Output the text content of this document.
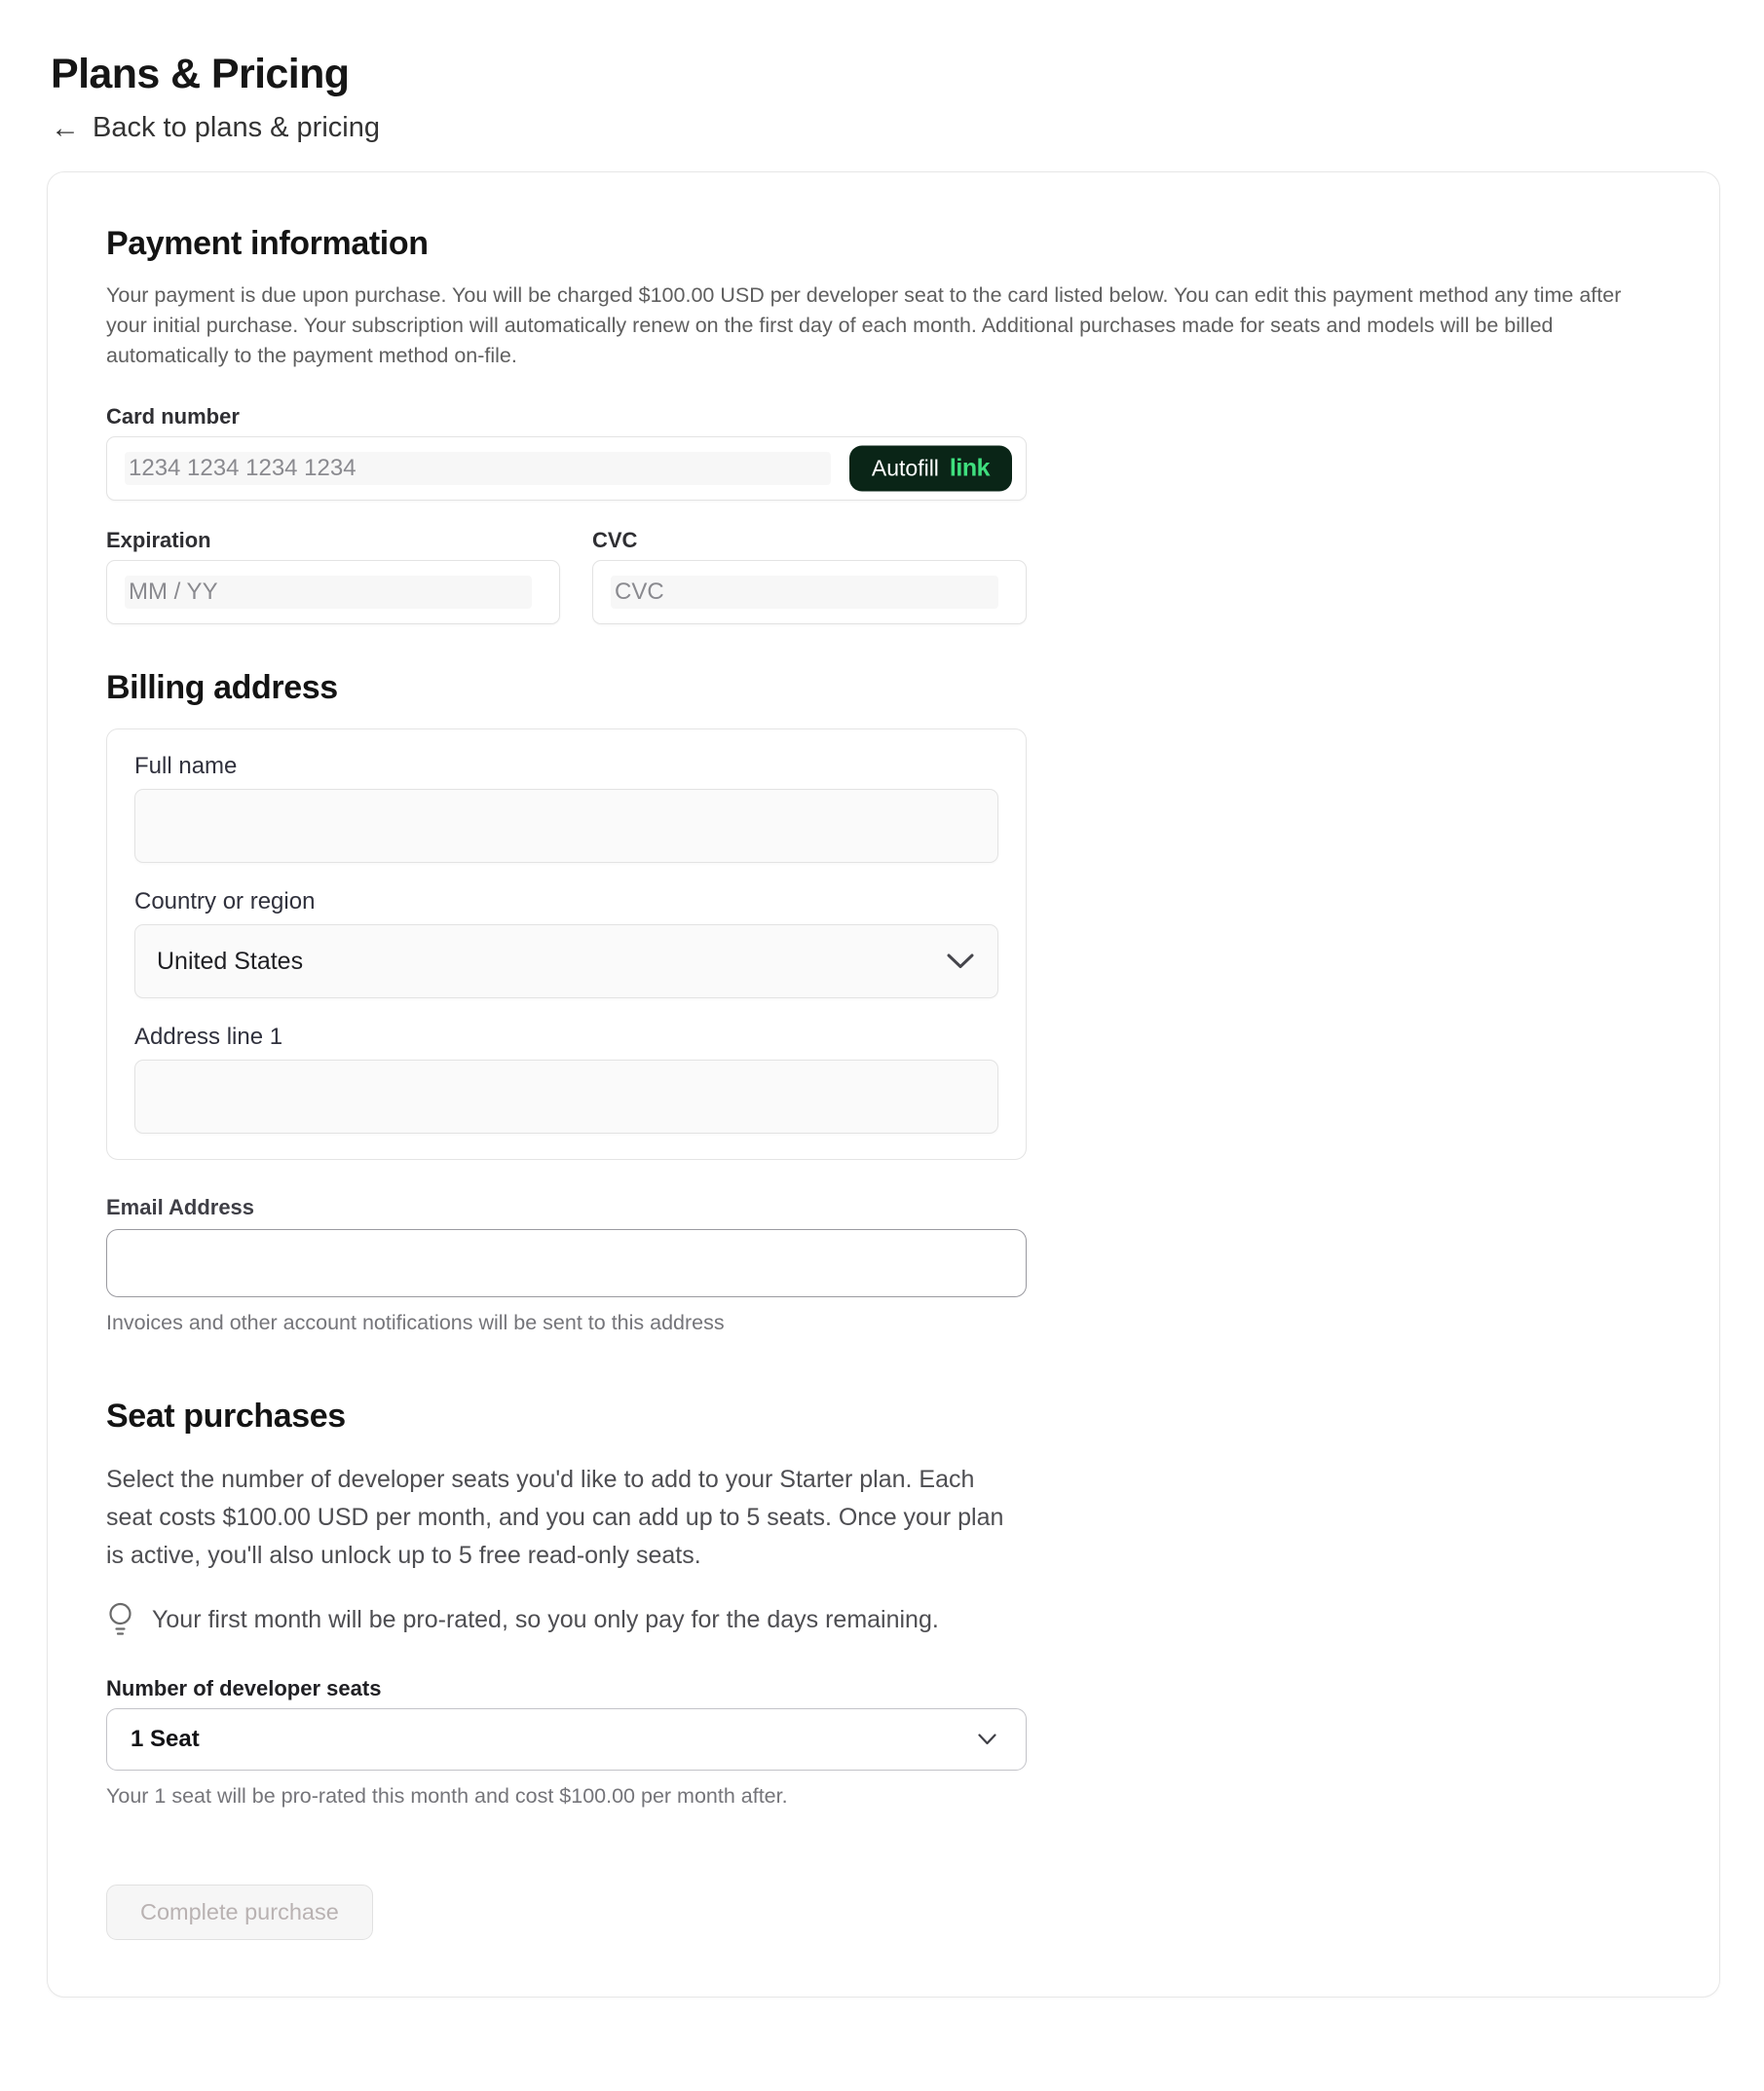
Plans & Pricing
← Back to plans & pricing
Payment information

Your payment is due upon purchase. You will be charged $100.00 USD per developer seat to the card listed below. You can edit this payment method any time after your initial purchase. Your subscription will automatically renew on the first day of each month. Additional purchases made for seats and models will be billed automatically to the payment method on-file.

Card number
1234 1234 1234 1234
Autofill link
Expiration
MM / YY	CVC
CVC
Billing address
Full name
Country or region
United States
Address line 1
Email Address

Invoices and other account notifications will be sent to this address

Seat purchases

Select the number of developer seats you'd like to add to your Starter plan. Each seat costs $100.00 USD per month, and you can add up to 5 seats. Once your plan is active, you'll also unlock up to 5 free read-only seats.

Your first month will be pro-rated, so you only pay for the days remaining.
Number of developer seats
1 Seat

Your 1 seat will be pro-rated this month and cost $100.00 per month after.

Complete purchase
